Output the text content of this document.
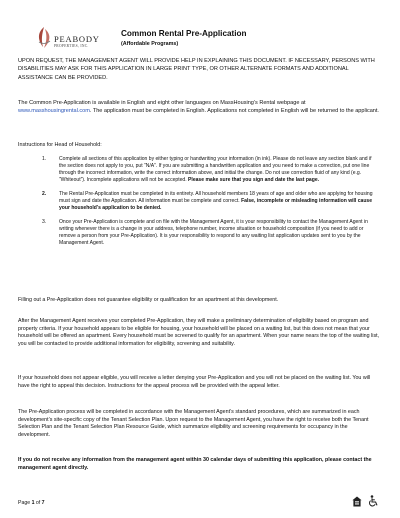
PEABODY
PROPERTIES, INC.
Common Rental Pre-Application
(Affordable Programs)

UPON REQUEST, THE MANAGEMENT AGENT WILL PROVIDE HELP IN EXPLAINING THIS DOCUMENT. IF NECESSARY, PERSONS WITH DISABILITIES MAY ASK FOR THIS APPLICATION IN LARGE PRINT TYPE, OR OTHER ALTERNATE FORMATS AND ADDITIONAL ASSISTANCE CAN BE PROVIDED.

The Common Pre-Application is available in English and eight other languages on MassHousing’s Rental webpage at www.masshousingrental.com. The application must be completed in English. Applications not completed in English will be returned to the applicant.

Instructions for Head of Household:

1.	Complete all sections of this application by either typing or handwriting your information (in ink). Please do not leave any section blank and if the section does not apply to you, put “N/A”. If you are submitting a handwritten application and you need to make a correction, put one line through the incorrect information, write the correct information above, and initial the change. Do not use correction fluid of any kind (e.g. “Whiteout”). Incomplete applications will not be accepted. Please make sure that you sign and date the last page.
2.	The Rental Pre-Application must be completed in its entirety. All household members 18 years of age and older who are applying for housing must sign and date the Application. All information must be complete and correct. False, incomplete or misleading information will cause your household’s application to be denied.
3.	Once your Pre-Application is complete and on file with the Management Agent, it is your responsibility to contact the Management Agent in writing whenever there is a change in your address, telephone number, income situation or household composition (if you need to add or remove a person from your Pre-Application). It is your responsibility to respond to any waiting list application updates sent to you by the Management Agent.

Filling out a Pre-Application does not guarantee eligibility or qualification for an apartment at this development.

After the Management Agent receives your completed Pre-Application, they will make a preliminary determination of eligibility based on program and property criteria. If your household appears to be eligible for housing, your household will be placed on a waiting list, but this does not mean that your household will be offered an apartment. Every household must be screened to qualify for an apartment. When your name nears the top of the waiting list, you will be contacted to provide additional information for eligibility, screening and suitability.

If your household does not appear eligible, you will receive a letter denying your Pre-Application and you will not be placed on the waiting list. You will have the right to appeal this decision. Instructions for the appeal process will be provided with the appeal letter.

The Pre-Application process will be completed in accordance with the Management Agent’s standard procedures, which are summarized in each development’s site-specific copy of the Tenant Selection Plan. Upon request to the Management Agent, you have the right to receive both the Tenant Selection Plan and the Tenant Selection Plan Resource Guide, which summarize eligibility and screening requirements for occupancy in the development.

If you do not receive any information from the management agent within 30 calendar days of submitting this application, please contact the management agent directly.

Page 1 of 7
